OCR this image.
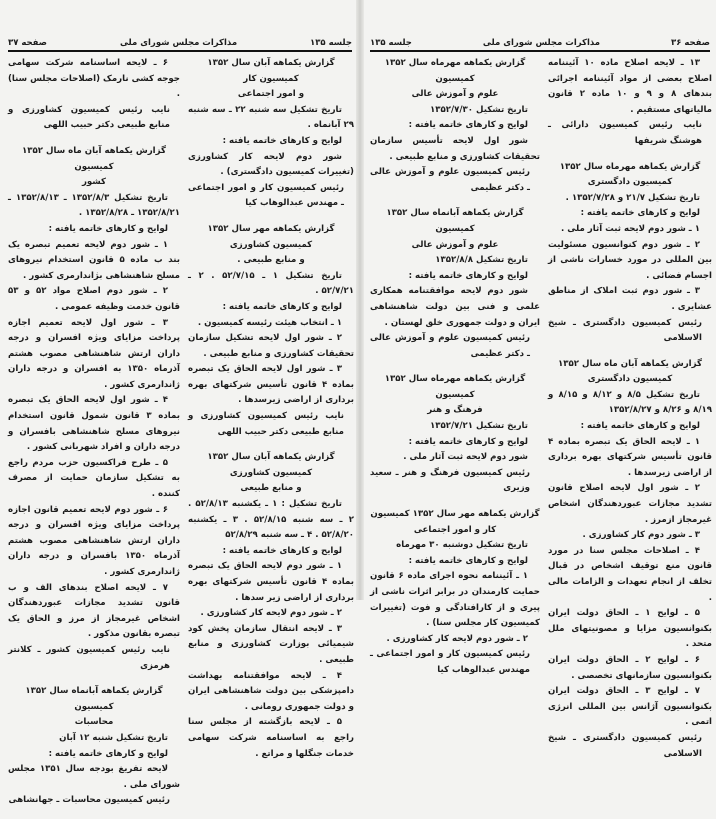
صفحه ۳۷	مذاکرات مجلس شورای ملی	جلسه ۱۳۵

گزارش یکماهه آبان سال ۱۳۵۲ کمیسیون کار

و امور اجتماعی

تاریخ تشکیل سه شنبه ۲۲ ـ سه شنبه ۲۹ آبانماه .

لوایح و کارهای خاتمه یافته :

شور دوم لایحه کار کشاورزی (تغییرات کمیسیون دادگستری) .

رئیس کمیسیون کار و امور اجتماعی ـ مهندس عبدالوهاب کیا

گزارش یکماهه مهر سال ۱۳۵۲ کمیسیون کشاورزی

و منابع طبیعی .

تاریخ تشکیل ۱ ـ ۵۲/۷/۱۵ . ۲ ـ ۵۲/۷/۲۱ .

لوایح و کارهای خاتمه یافته :

۱ ـ انتخاب هیئت رئیسه کمیسیون .

۲ ـ شور اول لایحه تشکیل سازمان تحقیقات کشاورزی و منابع طبیعی .

۳ ـ شور اول لایحه الحاق یک تبصره بماده ۴ قانون تأسیس شرکتهای بهره برداری از اراضی زیرسدها .

نایب رئیس کمیسیون کشاورزی و منابع طبیعی دکتر حبیب اللهی

گزارش یکماهه آبان سال ۱۳۵۲ کمیسیون کشاورزی

و منابع طبیعی

تاریخ تشکیل : ۱ ـ یکشنبه ۵۲/۸/۱۳ . ۲ ـ سه شنبه ۵۲/۸/۱۵ . ۳ ـ یکشنبه ۵۲/۸/۲۰ . ۴ ـ سه شنبه ۵۲/۸/۲۹

لوایح و کارهای خاتمه یافته :

۱ ـ شور دوم لایحه الحاق یک تبصره بماده ۴ قانون تأسیس شرکتهای بهره برداری از اراضی زیر سدها .

۲ ـ شور دوم لایحه کار کشاورزی .

۳ ـ لایحه انتقال سازمان پخش کود شیمیائی بوزارت کشاورزی و منابع طبیعی .

۴ ـ لایحه موافقتنامه بهداشت دامپزشکی بین دولت شاهنشاهی ایران و دولت جمهوری رومانی .

۵ ـ لایحه بازگشته از مجلس سنا راجع به اساسنامه شرکت سهامی خدمات جنگلها و مراتع .

۶ ـ لایحه اساسنامه شرکت سهامی جوجه کشی نارمک (اصلاحات مجلس سنا) .

نایب رئیس کمیسیون کشاورزی و منابع طبیعی دکتر حبیب اللهی

گزارش یکماهه آبان ماه سال ۱۳۵۲ کمیسیون

کشور

تاریخ تشکیل ۱۳۵۲/۸/۳ ـ ۱۳۵۲/۸/۱۳ ـ ۱۳۵۲/۸/۲۱ ـ ۱۳۵۲/۸/۲۸ .

لوایح و کارهای خاتمه یافته :

۱ ـ شور دوم لایحه تعمیم تبصره یک بند ب ماده ۵ قانون استخدام نیروهای مسلح شاهنشاهی بژاندارمری کشور .

۲ ـ شور دوم اصلاح مواد ۵۲ و ۵۳ قانون خدمت وظیفه عمومی .

۳ ـ شور اول لایحه تعمیم اجازه پرداخت مزایای ویژه افسران و درجه داران ارتش شاهنشاهی مصوب هشتم آذرماه ۱۳۵۰ به افسران و درجه داران ژاندارمری کشور .

۴ ـ شور اول لایحه الحاق یک تبصره بماده ۳ قانون شمول قانون استخدام نیروهای مسلح شاهنشاهی بافسران و درجه داران و افراد شهربانی کشور .

۵ ـ طرح فراکسیون حزب مردم راجع به تشکیل سازمان حمایت از مصرف کننده .

۶ ـ شور دوم لایحه تعمیم قانون اجازه پرداخت مزایای ویژه افسران و درجه داران ارتش شاهنشاهی مصوب هشتم آذرماه ۱۳۵۰ بافسران و درجه داران ژاندارمری کشور .

۷ ـ لایحه اصلاح بندهای الف و ب قانون تشدید مجازات عبوردهندگان اشخاص غیرمجاز از مرز و الحاق یک تبصره بقانون مذکور .

نایب رئیس کمیسیون کشور ـ کلانتر هرمزی

گزارش یکماهه آبانماه سال ۱۳۵۲ کمیسیون

محاسبات

تاریخ تشکیل شنبه ۱۲ آبان

لوایح و کارهای خاتمه یافته :

لایحه تفریغ بودجه سال ۱۳۵۱ مجلس شورای ملی .

رئیس کمیسیون محاسبات ـ جهانشاهی

جلسه ۱۳۵	مذاکرات مجلس شورای ملی	صفحه ۳۶

۱۳ ـ لایحه اصلاح ماده ۱۰ آئیننامه اصلاح بعضی از مواد آئیننامه اجرائی بندهای ۸ و ۹ و ۱۰ ماده ۲ قانون مالیاتهای مستقیم .

نایب رئیس کمیسیون دارائی ـ هوشنگ شریفها

گزارش یکماهه مهرماه سال ۱۳۵۲

کمیسیون دادگستری

تاریخ تشکیل ۲۱/۷ و ۱۳۵۲/۷/۲۸ .

لوایح و کارهای خاتمه یافته :

۱ ـ شور دوم لایحه ثبت آثار ملی .

۲ ـ شور دوم کنوانسیون مسئولیت بین المللی در مورد خسارات ناشی از اجسام فضائی .

۳ ـ شور دوم ثبت املاک از مناطق عشایری .

رئیس کمیسیون دادگستری ـ شیخ الاسلامی

گزارش یکماهه آبان ماه سال ۱۳۵۲

کمیسیون دادگستری

تاریخ تشکیل ۸/۵ و ۸/۱۲ و ۸/۱۵ و ۸/۱۹ و ۸/۲۶ و ۱۳۵۲/۸/۲۷

لوایح و کارهای خاتمه یافته :

۱ ـ لایحه الحاق یک تبصره بماده ۴ قانون تأسیس شرکتهای بهره برداری از اراضی زیرسدها .

۲ ـ شور اول لایحه اصلاح قانون تشدید مجازات عبوردهندگان اشخاص غیرمجاز ازمرز .

۳ ـ شور دوم کار کشاورزی .

۴ ـ اصلاحات مجلس سنا در مورد قانون منع توقیف اشخاص در قبال تخلف از انجام تعهدات و الزامات مالی .

۵ ـ لوایح ۱ ـ الحاق دولت ایران بکنوانسیون مزایا و مصونیتهای ملل متحد .

۶ ـ لوایح ۲ ـ الحاق دولت ایران بکنوانسیون سازمانهای تخصصی .

۷ ـ لوایح ۳ ـ الحاق دولت ایران بکنوانسیون آژانس بین المللی انرژی اتمی .

رئیس کمیسیون دادگستری ـ شیخ الاسلامی

گزارش یکماهه مهرماه سال ۱۳۵۲ کمیسیون

علوم و آموزش عالی

تاریخ تشکیل ۱۳۵۲/۷/۳۰

لوایح و کارهای خاتمه یافته :

شور اول لایحه تأسیس سازمان تحقیقات کشاورزی و منابع طبیعی .

رئیس کمیسیون علوم و آموزش عالی ـ دکتر عظیمی

گزارش یکماهه آبانماه سال ۱۳۵۲ کمیسیون

علوم و آموزش عالی

تاریخ تشکیل ۱۳۵۲/۸/۸

لوایح و کارهای خاتمه یافته :

شور دوم لایحه موافقتنامه همکاری علمی و فنی بین دولت شاهنشاهی ایران و دولت جمهوری خلق لهستان .

رئیس کمیسیون علوم و آموزش عالی ـ دکتر عظیمی

گزارش یکماهه مهرماه سال ۱۳۵۲ کمیسیون

فرهنگ و هنر

تاریخ تشکیل ۱۳۵۲/۷/۲۱

لوایح و کارهای خاتمه یافته :

شور دوم لایحه ثبت آثار ملی .

رئیس کمیسیون فرهنگ و هنر ـ سعید وزیری

گزارش یکماهه مهر سال ۱۳۵۲ کمیسیون

کار و امور اجتماعی

تاریخ تشکیل دوشنبه ۳۰ مهرماه

لوایح و کارهای خاتمه یافته :

۱ ـ آئیننامه نحوه اجرای ماده ۶ قانون حمایت کارمندان در برابر اثرات ناشی از پیری و از کارافتادگی و فوت (تغییرات کمیسیون کار مجلس سنا) .

۲ ـ شور دوم لایحه کار کشاورزی .

رئیس کمیسیون کار و امور اجتماعی ـ مهندس عبدالوهاب کیا
